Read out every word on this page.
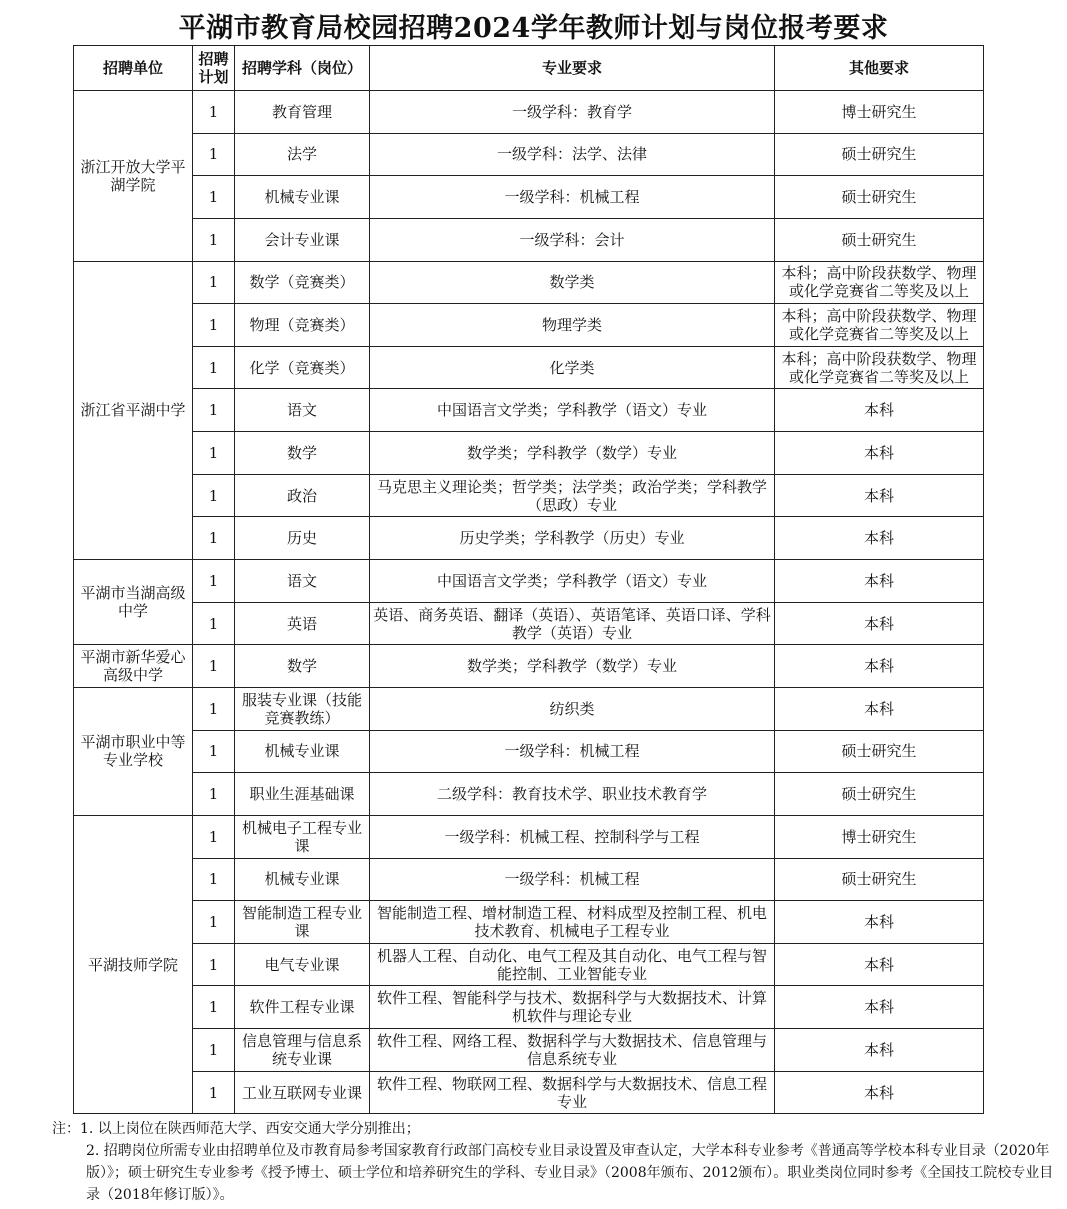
平湖市教育局校园招聘2024学年教师计划与岗位报考要求
招聘单位	招聘计划	招聘学科（岗位）	专业要求	其他要求
浙江开放大学平湖学院	1	教育管理	一级学科：教育学	博士研究生
	1	法学	一级学科：法学、法律	硕士研究生
	1	机械专业课	一级学科：机械工程	硕士研究生
	1	会计专业课	一级学科：会计	硕士研究生
浙江省平湖中学	1	数学（竞赛类）	数学类	本科；高中阶段获数学、物理或化学竞赛省二等奖及以上
	1	物理（竞赛类）	物理学类	本科；高中阶段获数学、物理或化学竞赛省二等奖及以上
	1	化学（竞赛类）	化学类	本科；高中阶段获数学、物理或化学竞赛省二等奖及以上
	1	语文	中国语言文学类；学科教学（语文）专业	本科
	1	数学	数学类；学科教学（数学）专业	本科
	1	政治	马克思主义理论类；哲学类；法学类；政治学类；学科教学（思政）专业	本科
	1	历史	历史学类；学科教学（历史）专业	本科
平湖市当湖高级中学	1	语文	中国语言文学类；学科教学（语文）专业	本科
	1	英语	英语、商务英语、翻译（英语）、英语笔译、英语口译、学科教学（英语）专业	本科
平湖市新华爱心高级中学	1	数学	数学类；学科教学（数学）专业	本科
平湖市职业中等专业学校	1	服装专业课（技能竞赛教练）	纺织类	本科
	1	机械专业课	一级学科：机械工程	硕士研究生
	1	职业生涯基础课	二级学科：教育技术学、职业技术教育学	硕士研究生
平湖技师学院	1	机械电子工程专业课	一级学科：机械工程、控制科学与工程	博士研究生
	1	机械专业课	一级学科：机械工程	硕士研究生
	1	智能制造工程专业课	智能制造工程、增材制造工程、材料成型及控制工程、机电技术教育、机械电子工程专业	本科
	1	电气专业课	机器人工程、自动化、电气工程及其自动化、电气工程与智能控制、工业智能专业	本科
	1	软件工程专业课	软件工程、智能科学与技术、数据科学与大数据技术、计算机软件与理论专业	本科
	1	信息管理与信息系统专业课	软件工程、网络工程、数据科学与大数据技术、信息管理与信息系统专业	本科
	1	工业互联网专业课	软件工程、物联网工程、数据科学与大数据技术、信息工程专业	本科

注：1. 以上岗位在陕西师范大学、西安交通大学分别推出；

2. 招聘岗位所需专业由招聘单位及市教育局参考国家教育行政部门高校专业目录设置及审查认定，大学本科专业参考《普通高等学校本科专业目录（2020年版）》；硕士研究生专业参考《授予博士、硕士学位和培养研究生的学科、专业目录》（2008年颁布、2012颁布）。职业类岗位同时参考《全国技工院校专业目录（2018年修订版）》。
